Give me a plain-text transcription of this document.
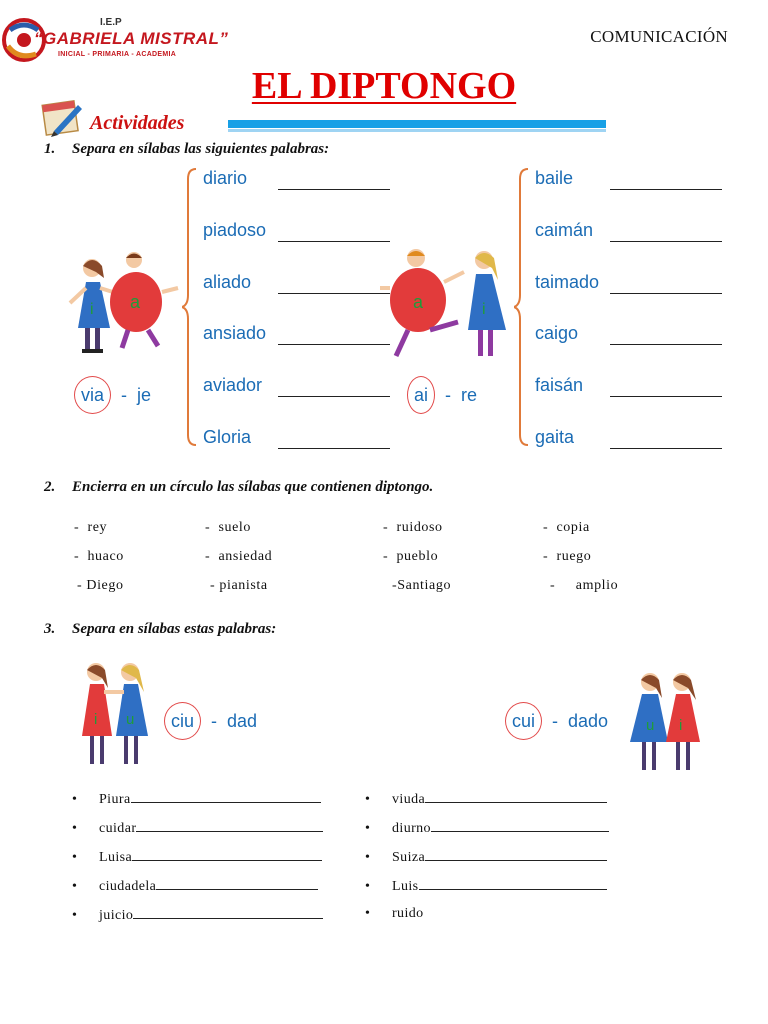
I.E.P
“GABRIELA MISTRAL”
INICIAL - PRIMARIA - ACADEMIA
COMUNICACIÓN
EL DIPTONGO
Actividades
1. Separa en sílabas las siguientes palabras:
i a
via - je
diario
piadoso
aliado
ansiado
aviador
Gloria
a	i
ai - re
baile
caimán
taimado
caigo
faisán
gaita
2. Encierra en un círculo las sílabas que contienen diptongo.
-  rey	-  suelo	-  ruidoso	-  copia
-  huaco	-  ansiedad	-  pueblo	-  ruego
- Diego	- pianista	-Santiago	-     amplio
3. Separa en sílabas estas palabras:
i u	ciu - dad	cui - dado	u i
• Piura
• cuidar
• Luisa
• ciudadela
• juicio
• viuda
• diurno
• Suiza
• Luis
• ruido
